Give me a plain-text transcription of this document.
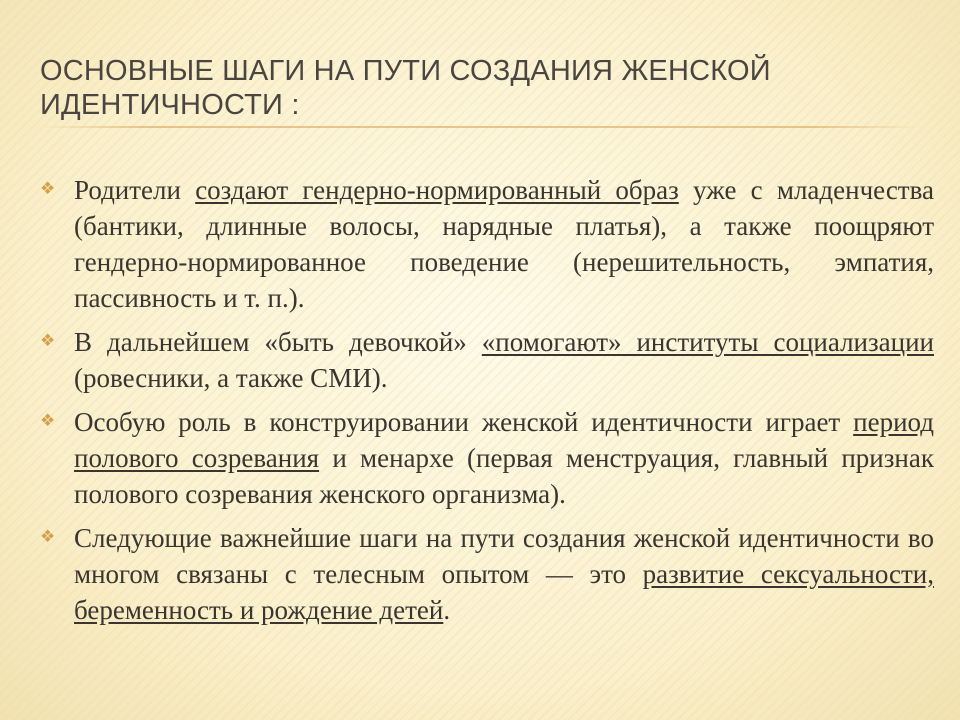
ОСНОВНЫЕ ШАГИ НА ПУТИ СОЗДАНИЯ ЖЕНСКОЙ ИДЕНТИЧНОСТИ :
❖ Родители создают гендерно-нормированный образ уже с младенчества (бантики, длинные волосы, нарядные платья), а также поощряют гендерно-нормированное поведение (нерешительность, эмпатия, пассивность и т. п.).
❖ В дальнейшем «быть девочкой» «помогают» институты социализации (ровесники, а также СМИ).
❖ Особую роль в конструировании женской идентичности играет период полового созревания и менархе (первая менструация, главный признак полового созревания женского организма).
❖ Следующие важнейшие шаги на пути создания женской идентичности во многом связаны с телесным опытом — это развитие сексуальности, беременность и рождение детей.
